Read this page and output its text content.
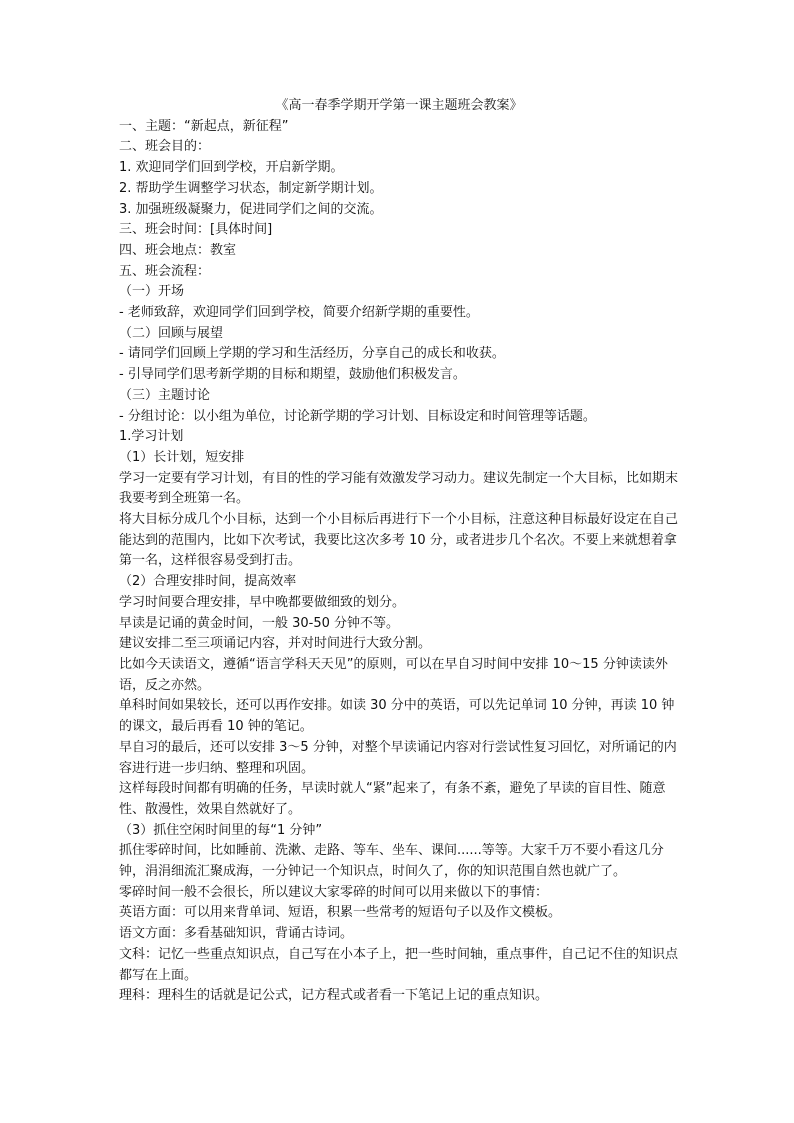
《高一春季学期开学第一课主题班会教案》
一、主题：“新起点，新征程”
二、班会目的：
1. 欢迎同学们回到学校，开启新学期。
2. 帮助学生调整学习状态，制定新学期计划。
3. 加强班级凝聚力，促进同学们之间的交流。
三、班会时间：[具体时间]
四、班会地点：教室
五、班会流程：
（一）开场
- 老师致辞，欢迎同学们回到学校，简要介绍新学期的重要性。
（二）回顾与展望
- 请同学们回顾上学期的学习和生活经历，分享自己的成长和收获。
- 引导同学们思考新学期的目标和期望，鼓励他们积极发言。
（三）主题讨论
- 分组讨论：以小组为单位，讨论新学期的学习计划、目标设定和时间管理等话题。
1.学习计划
（1）长计划，短安排
学习一定要有学习计划，有目的性的学习能有效激发学习动力。建议先制定一个大目标，比如期末我要考到全班第一名。
将大目标分成几个小目标，达到一个小目标后再进行下一个小目标，注意这种目标最好设定在自己能达到的范围内，比如下次考试，我要比这次多考 10 分，或者进步几个名次。不要上来就想着拿第一名，这样很容易受到打击。
（2）合理安排时间，提高效率
学习时间要合理安排，早中晚都要做细致的划分。
早读是记诵的黄金时间，一般 30-50 分钟不等。
建议安排二至三项诵记内容，并对时间进行大致分割。
比如今天读语文，遵循“语言学科天天见”的原则，可以在早自习时间中安排 10～15 分钟读读外语，反之亦然。
单科时间如果较长，还可以再作安排。如读 30 分中的英语，可以先记单词 10 分钟，再读 10 钟的课文，最后再看 10 钟的笔记。
早自习的最后，还可以安排 3～5 分钟，对整个早读诵记内容对行尝试性复习回忆，对所诵记的内容进行进一步归纳、整理和巩固。
这样每段时间都有明确的任务，早读时就人“紧”起来了，有条不紊，避免了早读的盲目性、随意性、散漫性，效果自然就好了。
（3）抓住空闲时间里的每“1 分钟”
抓住零碎时间，比如睡前、洗漱、走路、等车、坐车、课间......等等。大家千万不要小看这几分钟，涓涓细流汇聚成海，一分钟记一个知识点，时间久了，你的知识范围自然也就广了。
零碎时间一般不会很长，所以建议大家零碎的时间可以用来做以下的事情：
英语方面：可以用来背单词、短语，积累一些常考的短语句子以及作文模板。
语文方面：多看基础知识，背诵古诗词。
文科：记忆一些重点知识点，自己写在小本子上，把一些时间轴，重点事件，自己记不住的知识点都写在上面。
理科：理科生的话就是记公式，记方程式或者看一下笔记上记的重点知识。
